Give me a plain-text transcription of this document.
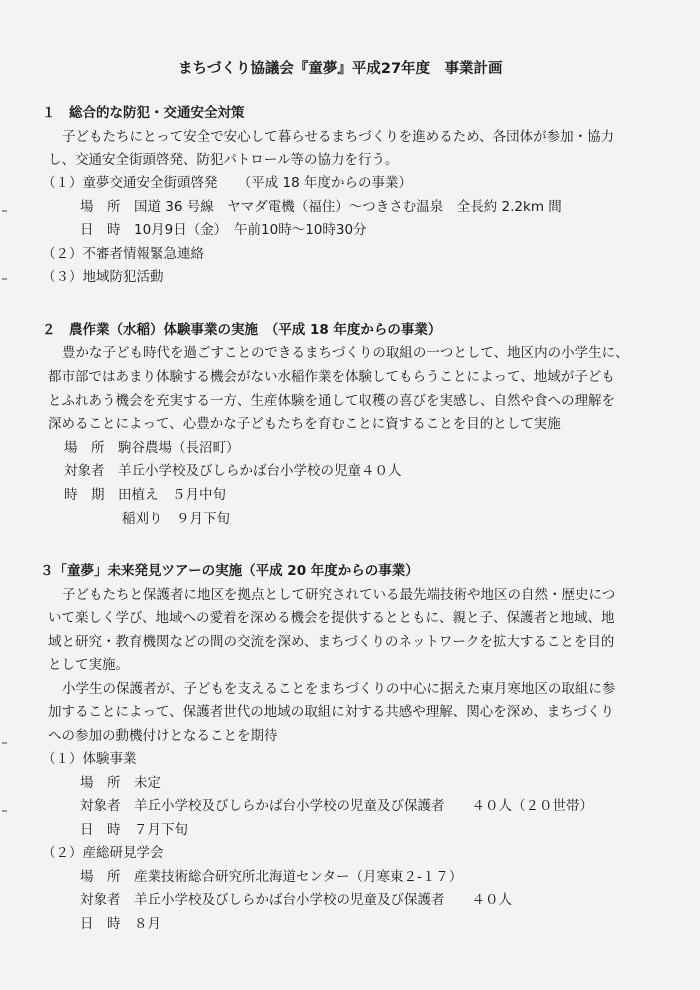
まちづくり協議会『童夢』平成27年度　事業計画
１　総合的な防犯・交通安全対策
子どもたちにとって安全で安心して暮らせるまちづくりを進めるため、各団体が参加・協力
し、交通安全街頭啓発、防犯パトロール等の協力を行う。
（１）童夢交通安全街頭啓発　　（平成 18 年度からの事業）
場　所　国道 36 号線　ヤマダ電機（福住）～つきさむ温泉　全長約 2.2km 間
日　時　10月9日（金）　午前10時～10時30分
（２）不審者情報緊急連絡
（３）地域防犯活動
２　農作業（水稲）体験事業の実施　（平成 18 年度からの事業）
豊かな子ども時代を過ごすことのできるまちづくりの取組の一つとして、地区内の小学生に、
都市部ではあまり体験する機会がない水稲作業を体験してもらうことによって、地域が子ども
とふれあう機会を充実する一方、生産体験を通して収穫の喜びを実感し、自然や食への理解を
深めることによって、心豊かな子どもたちを育むことに資することを目的として実施
場　所　駒谷農場（長沼町）
対象者　羊丘小学校及びしらかば台小学校の児童４０人
時　期　田植え　５月中旬
稲刈り　９月下旬
３「童夢」未来発見ツアーの実施（平成 20 年度からの事業）
子どもたちと保護者に地区を拠点として研究されている最先端技術や地区の自然・歴史につ
いて楽しく学び、地域への愛着を深める機会を提供するとともに、親と子、保護者と地域、地
域と研究・教育機関などの間の交流を深め、まちづくりのネットワークを拡大することを目的
として実施。
小学生の保護者が、子どもを支えることをまちづくりの中心に据えた東月寒地区の取組に参
加することによって、保護者世代の地域の取組に対する共感や理解、関心を深め、まちづくり
への参加の動機付けとなることを期待
（１）体験事業
場　所　未定
対象者　羊丘小学校及びしらかば台小学校の児童及び保護者　　４０人（２０世帯）
日　時　７月下旬
（２）産総研見学会
場　所　産業技術総合研究所北海道センター（月寒東２-１７）
対象者　羊丘小学校及びしらかば台小学校の児童及び保護者　　４０人
日　時　８月
